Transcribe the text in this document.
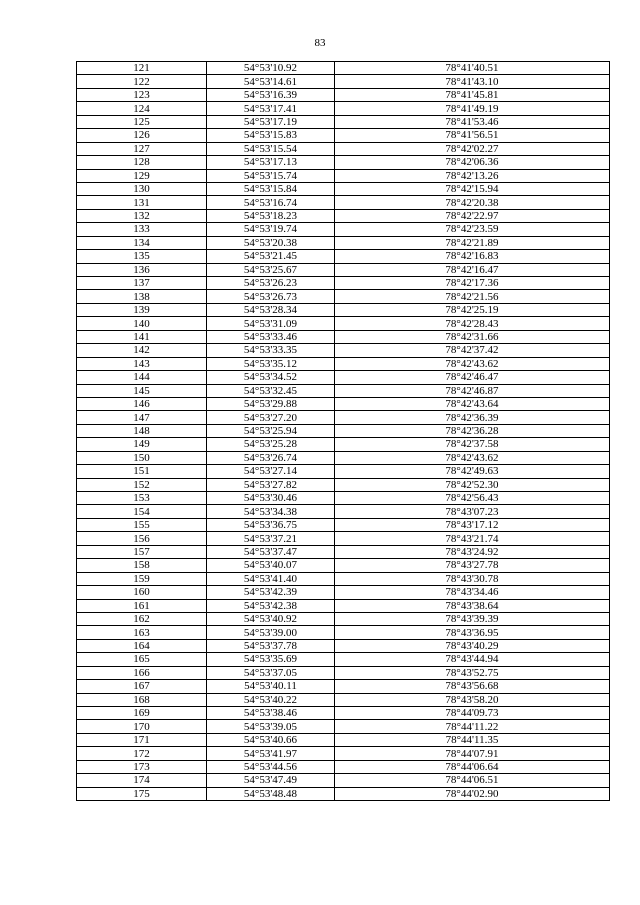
83
121	54°53'10.92	78°41'40.51
122	54°53'14.61	78°41'43.10
123	54°53'16.39	78°41'45.81
124	54°53'17.41	78°41'49.19
125	54°53'17.19	78°41'53.46
126	54°53'15.83	78°41'56.51
127	54°53'15.54	78°42'02.27
128	54°53'17.13	78°42'06.36
129	54°53'15.74	78°42'13.26
130	54°53'15.84	78°42'15.94
131	54°53'16.74	78°42'20.38
132	54°53'18.23	78°42'22.97
133	54°53'19.74	78°42'23.59
134	54°53'20.38	78°42'21.89
135	54°53'21.45	78°42'16.83
136	54°53'25.67	78°42'16.47
137	54°53'26.23	78°42'17.36
138	54°53'26.73	78°42'21.56
139	54°53'28.34	78°42'25.19
140	54°53'31.09	78°42'28.43
141	54°53'33.46	78°42'31.66
142	54°53'33.35	78°42'37.42
143	54°53'35.12	78°42'43.62
144	54°53'34.52	78°42'46.47
145	54°53'32.45	78°42'46.87
146	54°53'29.88	78°42'43.64
147	54°53'27.20	78°42'36.39
148	54°53'25.94	78°42'36.28
149	54°53'25.28	78°42'37.58
150	54°53'26.74	78°42'43.62
151	54°53'27.14	78°42'49.63
152	54°53'27.82	78°42'52.30
153	54°53'30.46	78°42'56.43
154	54°53'34.38	78°43'07.23
155	54°53'36.75	78°43'17.12
156	54°53'37.21	78°43'21.74
157	54°53'37.47	78°43'24.92
158	54°53'40.07	78°43'27.78
159	54°53'41.40	78°43'30.78
160	54°53'42.39	78°43'34.46
161	54°53'42.38	78°43'38.64
162	54°53'40.92	78°43'39.39
163	54°53'39.00	78°43'36.95
164	54°53'37.78	78°43'40.29
165	54°53'35.69	78°43'44.94
166	54°53'37.05	78°43'52.75
167	54°53'40.11	78°43'56.68
168	54°53'40.22	78°43'58.20
169	54°53'38.46	78°44'09.73
170	54°53'39.05	78°44'11.22
171	54°53'40.66	78°44'11.35
172	54°53'41.97	78°44'07.91
173	54°53'44.56	78°44'06.64
174	54°53'47.49	78°44'06.51
175	54°53'48.48	78°44'02.90
